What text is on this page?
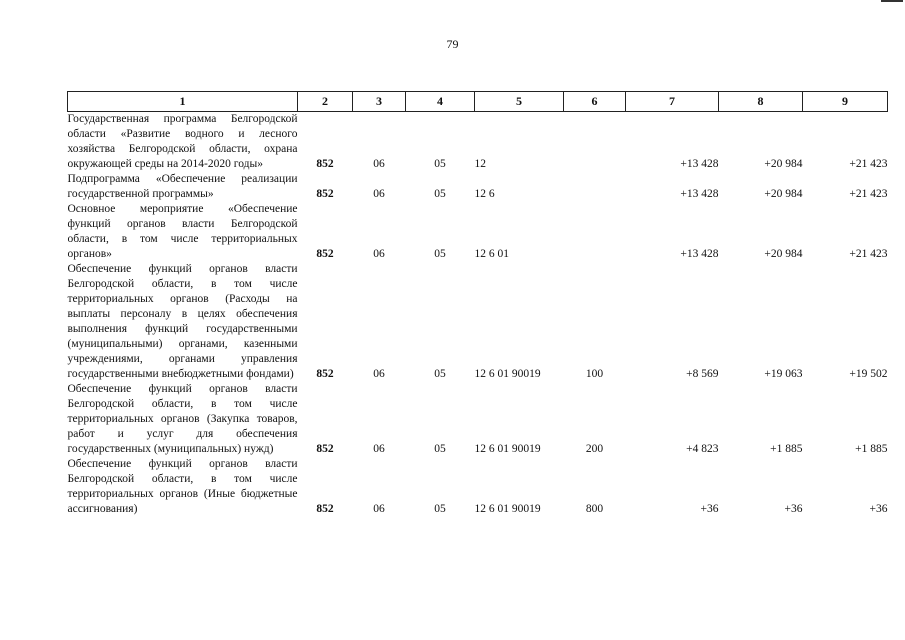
79
1	2	3	4	5	6	7	8	9
Государственная программа Белгородской области «Развитие водного и лесного хозяйства Белгородской области, охрана окружающей среды на 2014-2020 годы»	852	06	05	12		+13 428	+20 984	+21 423
Подпрограмма «Обеспечение реализации государственной программы»	852	06	05	12 6		+13 428	+20 984	+21 423
Основное мероприятие «Обеспечение функций органов власти Белгородской области, в том числе территориальных органов»	852	06	05	12 6 01		+13 428	+20 984	+21 423
Обеспечение функций органов власти Белгородской области, в том числе территориальных органов (Расходы на выплаты персоналу в целях обеспечения выполнения функций государственными (муниципальными) органами, казенными учреждениями, органами управления государственными внебюджетными фондами)	852	06	05	12 6 01 90019	100	+8 569	+19 063	+19 502
Обеспечение функций органов власти Белгородской области, в том числе территориальных органов (Закупка товаров, работ и услуг для обеспечения государственных (муниципальных) нужд)	852	06	05	12 6 01 90019	200	+4 823	+1 885	+1 885
Обеспечение функций органов власти Белгородской области, в том числе территориальных органов (Иные бюджетные ассигнования)	852	06	05	12 6 01 90019	800	+36	+36	+36
